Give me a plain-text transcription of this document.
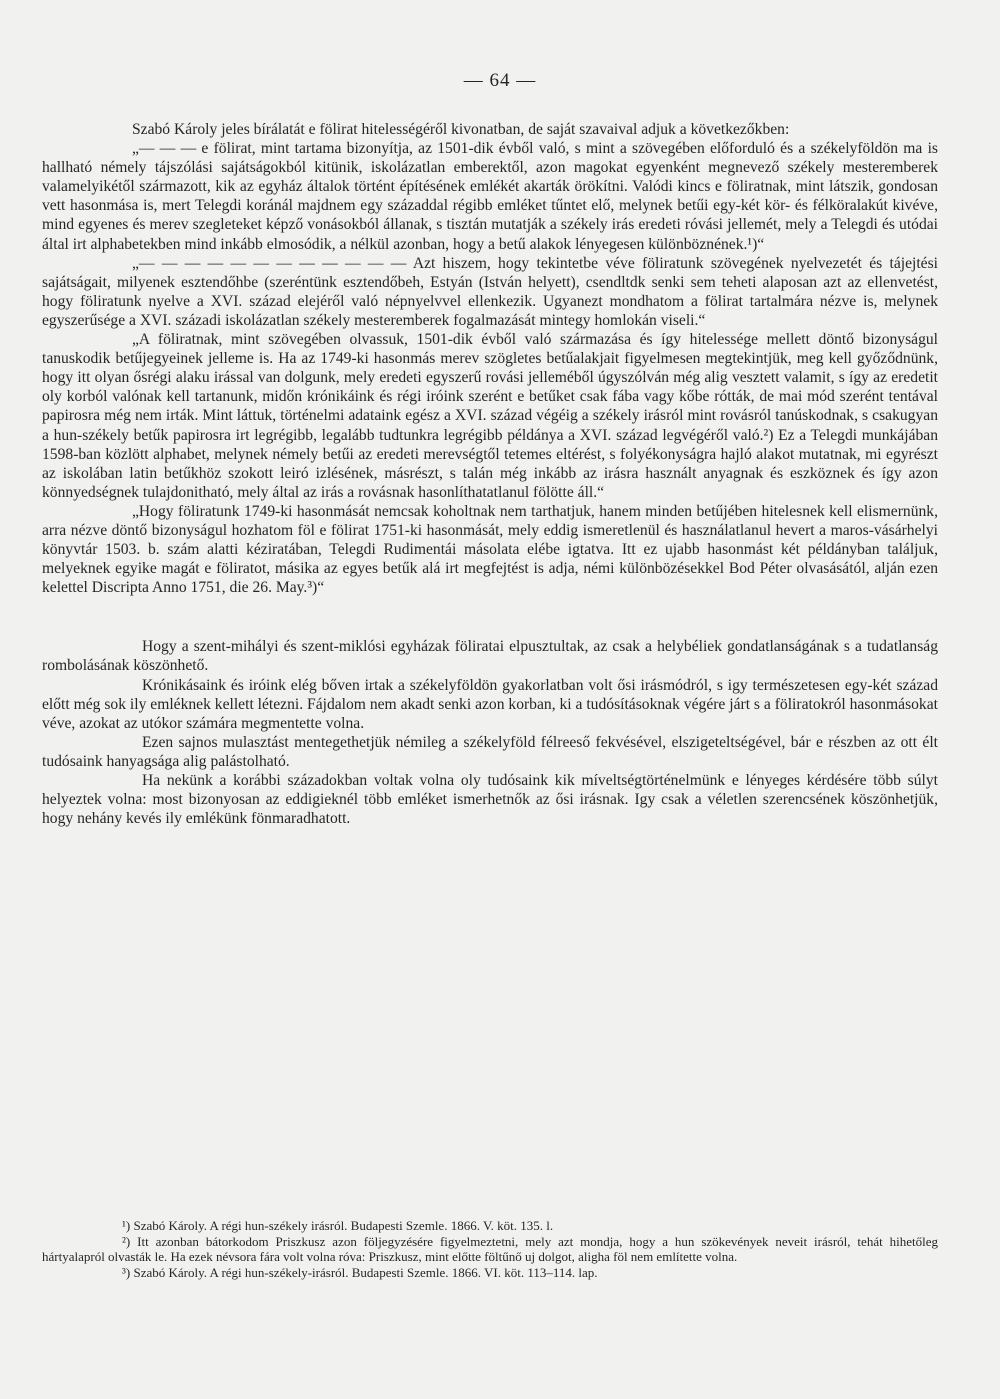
— 64 —

Szabó Károly jeles bírálatát e fölirat hitelességéről kivonatban, de saját szavaival adjuk a következőkben:

„— — — e fölirat, mint tartama bizonyítja, az 1501-dik évből való, s mint a szövegében előforduló és a székelyföldön ma is hallható némely tájszólási sajátságokból kitünik, iskolázatlan emberektől, azon magokat egyenként megnevező székely mesteremberek valamelyikétől származott, kik az egyház általok történt építésének emlékét akarták örökítni. Valódi kincs e föliratnak, mint látszik, gondosan vett hasonmása is, mert Telegdi koránál majdnem egy századdal régibb emléket tűntet elő, melynek betűi egy-két kör- és félköralakút kivéve, mind egyenes és merev szegleteket képző vonásokból állanak, s tisztán mutatják a székely irás eredeti róvási jellemét, mely a Telegdi és utódai által irt alphabetekben mind inkább elmosódik, a nélkül azonban, hogy a betű alakok lényegesen különböznének.¹)“

„— — — — — — — — — — — — Azt hiszem, hogy tekintetbe véve föliratunk szövegének nyelvezetét és tájejtési sajátságait, milyenek esztendőhbe (szeréntünk esztendőbeh, Estyán (István helyett), csendltdk senki sem teheti alaposan azt az ellenvetést, hogy föliratunk nyelve a XVI. század elejéről való népnyelvvel ellenkezik. Ugyanezt mondhatom a fölirat tartalmára nézve is, melynek egyszerűsége a XVI. századi iskolázatlan székely mesteremberek fogalmazását mintegy homlokán viseli.“

„A föliratnak, mint szövegében olvassuk, 1501-dik évből való származása és így hitelessége mellett döntő bizonyságul tanuskodik betűjegyeinek jelleme is. Ha az 1749-ki hasonmás merev szögletes betűalakjait figyelmesen megtekintjük, meg kell győződnünk, hogy itt olyan ősrégi alaku irással van dolgunk, mely eredeti egyszerű rovási jelleméből úgyszólván még alig vesztett valamit, s így az eredetit oly korból valónak kell tartanunk, midőn krónikáink és régi iróink szerént e betűket csak fába vagy kőbe rótták, de mai mód szerént tentával papirosra még nem irták. Mint láttuk, történelmi adataink egész a XVI. század végéig a székely irásról mint rovásról tanúskodnak, s csakugyan a hun-székely betűk papirosra irt legrégibb, legalább tudtunkra legrégibb példánya a XVI. század legvégéről való.²) Ez a Telegdi munkájában 1598-ban közlött alphabet, melynek némely betűi az eredeti merevségtől tetemes eltérést, s folyékonyságra hajló alakot mutatnak, mi egyrészt az iskolában latin betűkhöz szokott leiró izlésének, másrészt, s talán még inkább az irásra használt anyagnak és eszköznek és így azon könnyedségnek tulajdonitható, mely által az irás a rovásnak hasonlíthatatlanul fölötte áll.“

„Hogy föliratunk 1749-ki hasonmását nemcsak koholtnak nem tarthatjuk, hanem minden betűjében hitelesnek kell elismernünk, arra nézve döntő bizonyságul hozhatom föl e fölirat 1751-ki hasonmását, mely eddig ismeretlenül és használatlanul hevert a maros-vásárhelyi könyvtár 1503. b. szám alatti kéziratában, Telegdi Rudimentái másolata elébe igtatva. Itt ez ujabb hasonmást két példányban találjuk, melyeknek egyike magát e föliratot, másika az egyes betűk alá irt megfejtést is adja, némi különbözésekkel Bod Péter olvasásától, alján ezen kelettel Discripta Anno 1751, die 26. May.³)“

Hogy a szent-mihályi és szent-miklósi egyházak föliratai elpusztultak, az csak a helybéliek gondatlanságának s a tudatlanság rombolásának köszönhető.

Krónikásaink és iróink elég bőven irtak a székelyföldön gyakorlatban volt ősi irásmódról, s igy természetesen egy-két század előtt még sok ily emléknek kellett létezni. Fájdalom nem akadt senki azon korban, ki a tudósításoknak végére járt s a föliratokról hasonmásokat véve, azokat az utókor számára megmentette volna.

Ezen sajnos mulasztást mentegethetjük némileg a székelyföld félreeső fekvésével, elszigeteltségével, bár e részben az ott élt tudósaink hanyagsága alig palástolható.

Ha nekünk a korábbi századokban voltak volna oly tudósaink kik míveltségtörténelmünk e lényeges kérdésére több súlyt helyeztek volna: most bizonyosan az eddigieknél több emléket ismerhetnők az ősi irásnak. Igy csak a véletlen szerencsének köszönhetjük, hogy nehány kevés ily emlékünk fönmaradhatott.

¹) Szabó Károly. A régi hun-székely irásról. Budapesti Szemle. 1866. V. köt. 135. l.

²) Itt azonban bátorkodom Priszkusz azon följegyzésére figyelmeztetni, mely azt mondja, hogy a hun szökevények neveit irásról, tehát hihetőleg hártyalapról olvasták le. Ha ezek névsora fára volt volna róva: Priszkusz, mint előtte föltűnő uj dolgot, aligha föl nem említette volna.

³) Szabó Károly. A régi hun-székely-irásról. Budapesti Szemle. 1866. VI. köt. 113–114. lap.
